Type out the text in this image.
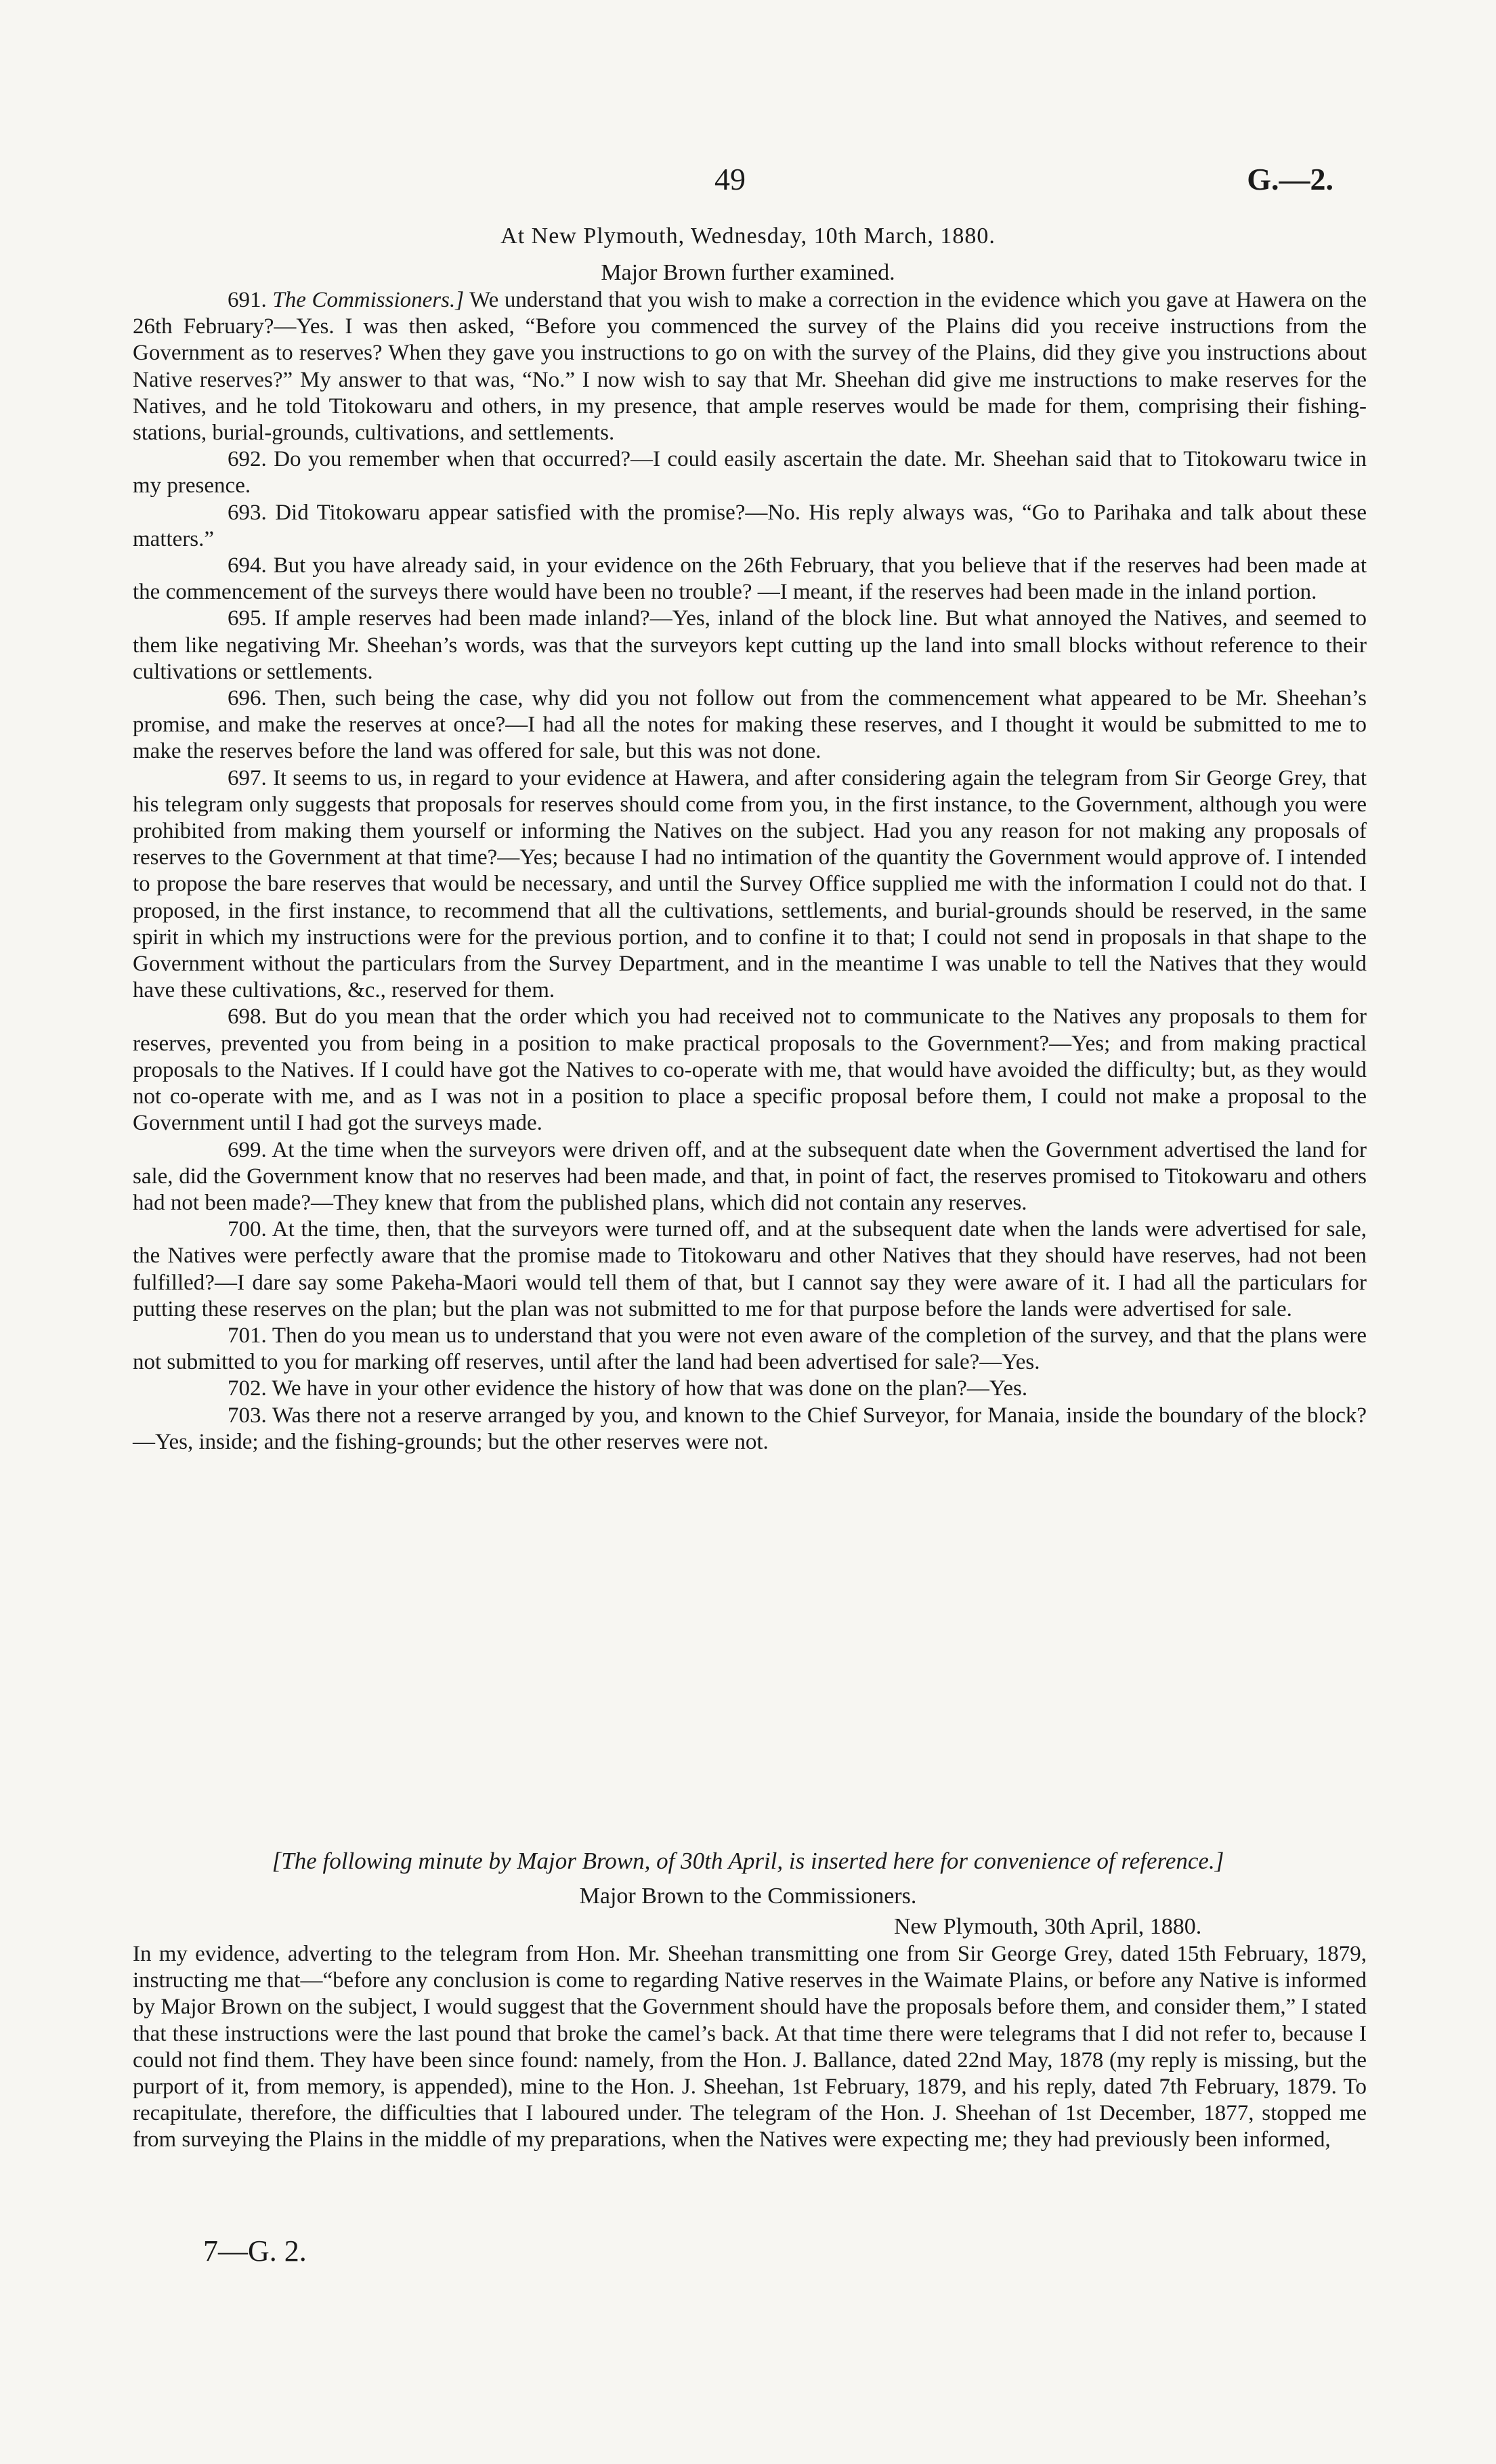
49	G.—2.
At New Plymouth, Wednesday, 10th March, 1880.
Major Brown further examined.

691. The Commissioners.] We understand that you wish to make a correction in the evidence which you gave at Hawera on the 26th February?—Yes. I was then asked, “Before you commenced the survey of the Plains did you receive instructions from the Government as to reserves? When they gave you instructions to go on with the survey of the Plains, did they give you instructions about Native reserves?” My answer to that was, “No.” I now wish to say that Mr. Sheehan did give me instructions to make reserves for the Natives, and he told Titokowaru and others, in my presence, that ample reserves would be made for them, comprising their fishing-stations, burial-grounds, cultivations, and settlements.

692. Do you remember when that occurred?—I could easily ascertain the date. Mr. Sheehan said that to Titokowaru twice in my presence.

693. Did Titokowaru appear satisfied with the promise?—No. His reply always was, “Go to Parihaka and talk about these matters.”

694. But you have already said, in your evidence on the 26th February, that you believe that if the reserves had been made at the commencement of the surveys there would have been no trouble? —I meant, if the reserves had been made in the inland portion.

695. If ample reserves had been made inland?—Yes, inland of the block line. But what annoyed the Natives, and seemed to them like negativing Mr. Sheehan’s words, was that the surveyors kept cutting up the land into small blocks without reference to their cultivations or settlements.

696. Then, such being the case, why did you not follow out from the commencement what appeared to be Mr. Sheehan’s promise, and make the reserves at once?—I had all the notes for making these reserves, and I thought it would be submitted to me to make the reserves before the land was offered for sale, but this was not done.

697. It seems to us, in regard to your evidence at Hawera, and after considering again the telegram from Sir George Grey, that his telegram only suggests that proposals for reserves should come from you, in the first instance, to the Government, although you were prohibited from making them yourself or informing the Natives on the subject. Had you any reason for not making any proposals of reserves to the Government at that time?—Yes; because I had no intimation of the quantity the Government would approve of. I intended to propose the bare reserves that would be necessary, and until the Survey Office supplied me with the information I could not do that. I proposed, in the first instance, to recommend that all the cultivations, settlements, and burial-grounds should be reserved, in the same spirit in which my instructions were for the previous portion, and to confine it to that; I could not send in proposals in that shape to the Government without the particulars from the Survey Department, and in the meantime I was unable to tell the Natives that they would have these cultivations, &c., reserved for them.

698. But do you mean that the order which you had received not to communicate to the Natives any proposals to them for reserves, prevented you from being in a position to make practical proposals to the Government?—Yes; and from making practical proposals to the Natives. If I could have got the Natives to co-operate with me, that would have avoided the difficulty; but, as they would not co-operate with me, and as I was not in a position to place a specific proposal before them, I could not make a proposal to the Government until I had got the surveys made.

699. At the time when the surveyors were driven off, and at the subsequent date when the Government advertised the land for sale, did the Government know that no reserves had been made, and that, in point of fact, the reserves promised to Titokowaru and others had not been made?—They knew that from the published plans, which did not contain any reserves.

700. At the time, then, that the surveyors were turned off, and at the subsequent date when the lands were advertised for sale, the Natives were perfectly aware that the promise made to Titokowaru and other Natives that they should have reserves, had not been fulfilled?—I dare say some Pakeha-Maori would tell them of that, but I cannot say they were aware of it. I had all the particulars for putting these reserves on the plan; but the plan was not submitted to me for that purpose before the lands were advertised for sale.

701. Then do you mean us to understand that you were not even aware of the completion of the survey, and that the plans were not submitted to you for marking off reserves, until after the land had been advertised for sale?—Yes.

702. We have in your other evidence the history of how that was done on the plan?—Yes.

703. Was there not a reserve arranged by you, and known to the Chief Surveyor, for Manaia, inside the boundary of the block?—Yes, inside; and the fishing-grounds; but the other reserves were not.

[The following minute by Major Brown, of 30th April, is inserted here for convenience of reference.]
Major Brown to the Commissioners.
New Plymouth, 30th April, 1880.

In my evidence, adverting to the telegram from Hon. Mr. Sheehan transmitting one from Sir George Grey, dated 15th February, 1879, instructing me that—“before any conclusion is come to regarding Native reserves in the Waimate Plains, or before any Native is informed by Major Brown on the subject, I would suggest that the Government should have the proposals before them, and consider them,” I stated that these instructions were the last pound that broke the camel’s back. At that time there were telegrams that I did not refer to, because I could not find them. They have been since found: namely, from the Hon. J. Ballance, dated 22nd May, 1878 (my reply is missing, but the purport of it, from memory, is appended), mine to the Hon. J. Sheehan, 1st February, 1879, and his reply, dated 7th February, 1879. To recapitulate, therefore, the difficulties that I laboured under. The telegram of the Hon. J. Sheehan of 1st December, 1877, stopped me from surveying the Plains in the middle of my preparations, when the Natives were expecting me; they had previously been informed,

7—G. 2.
